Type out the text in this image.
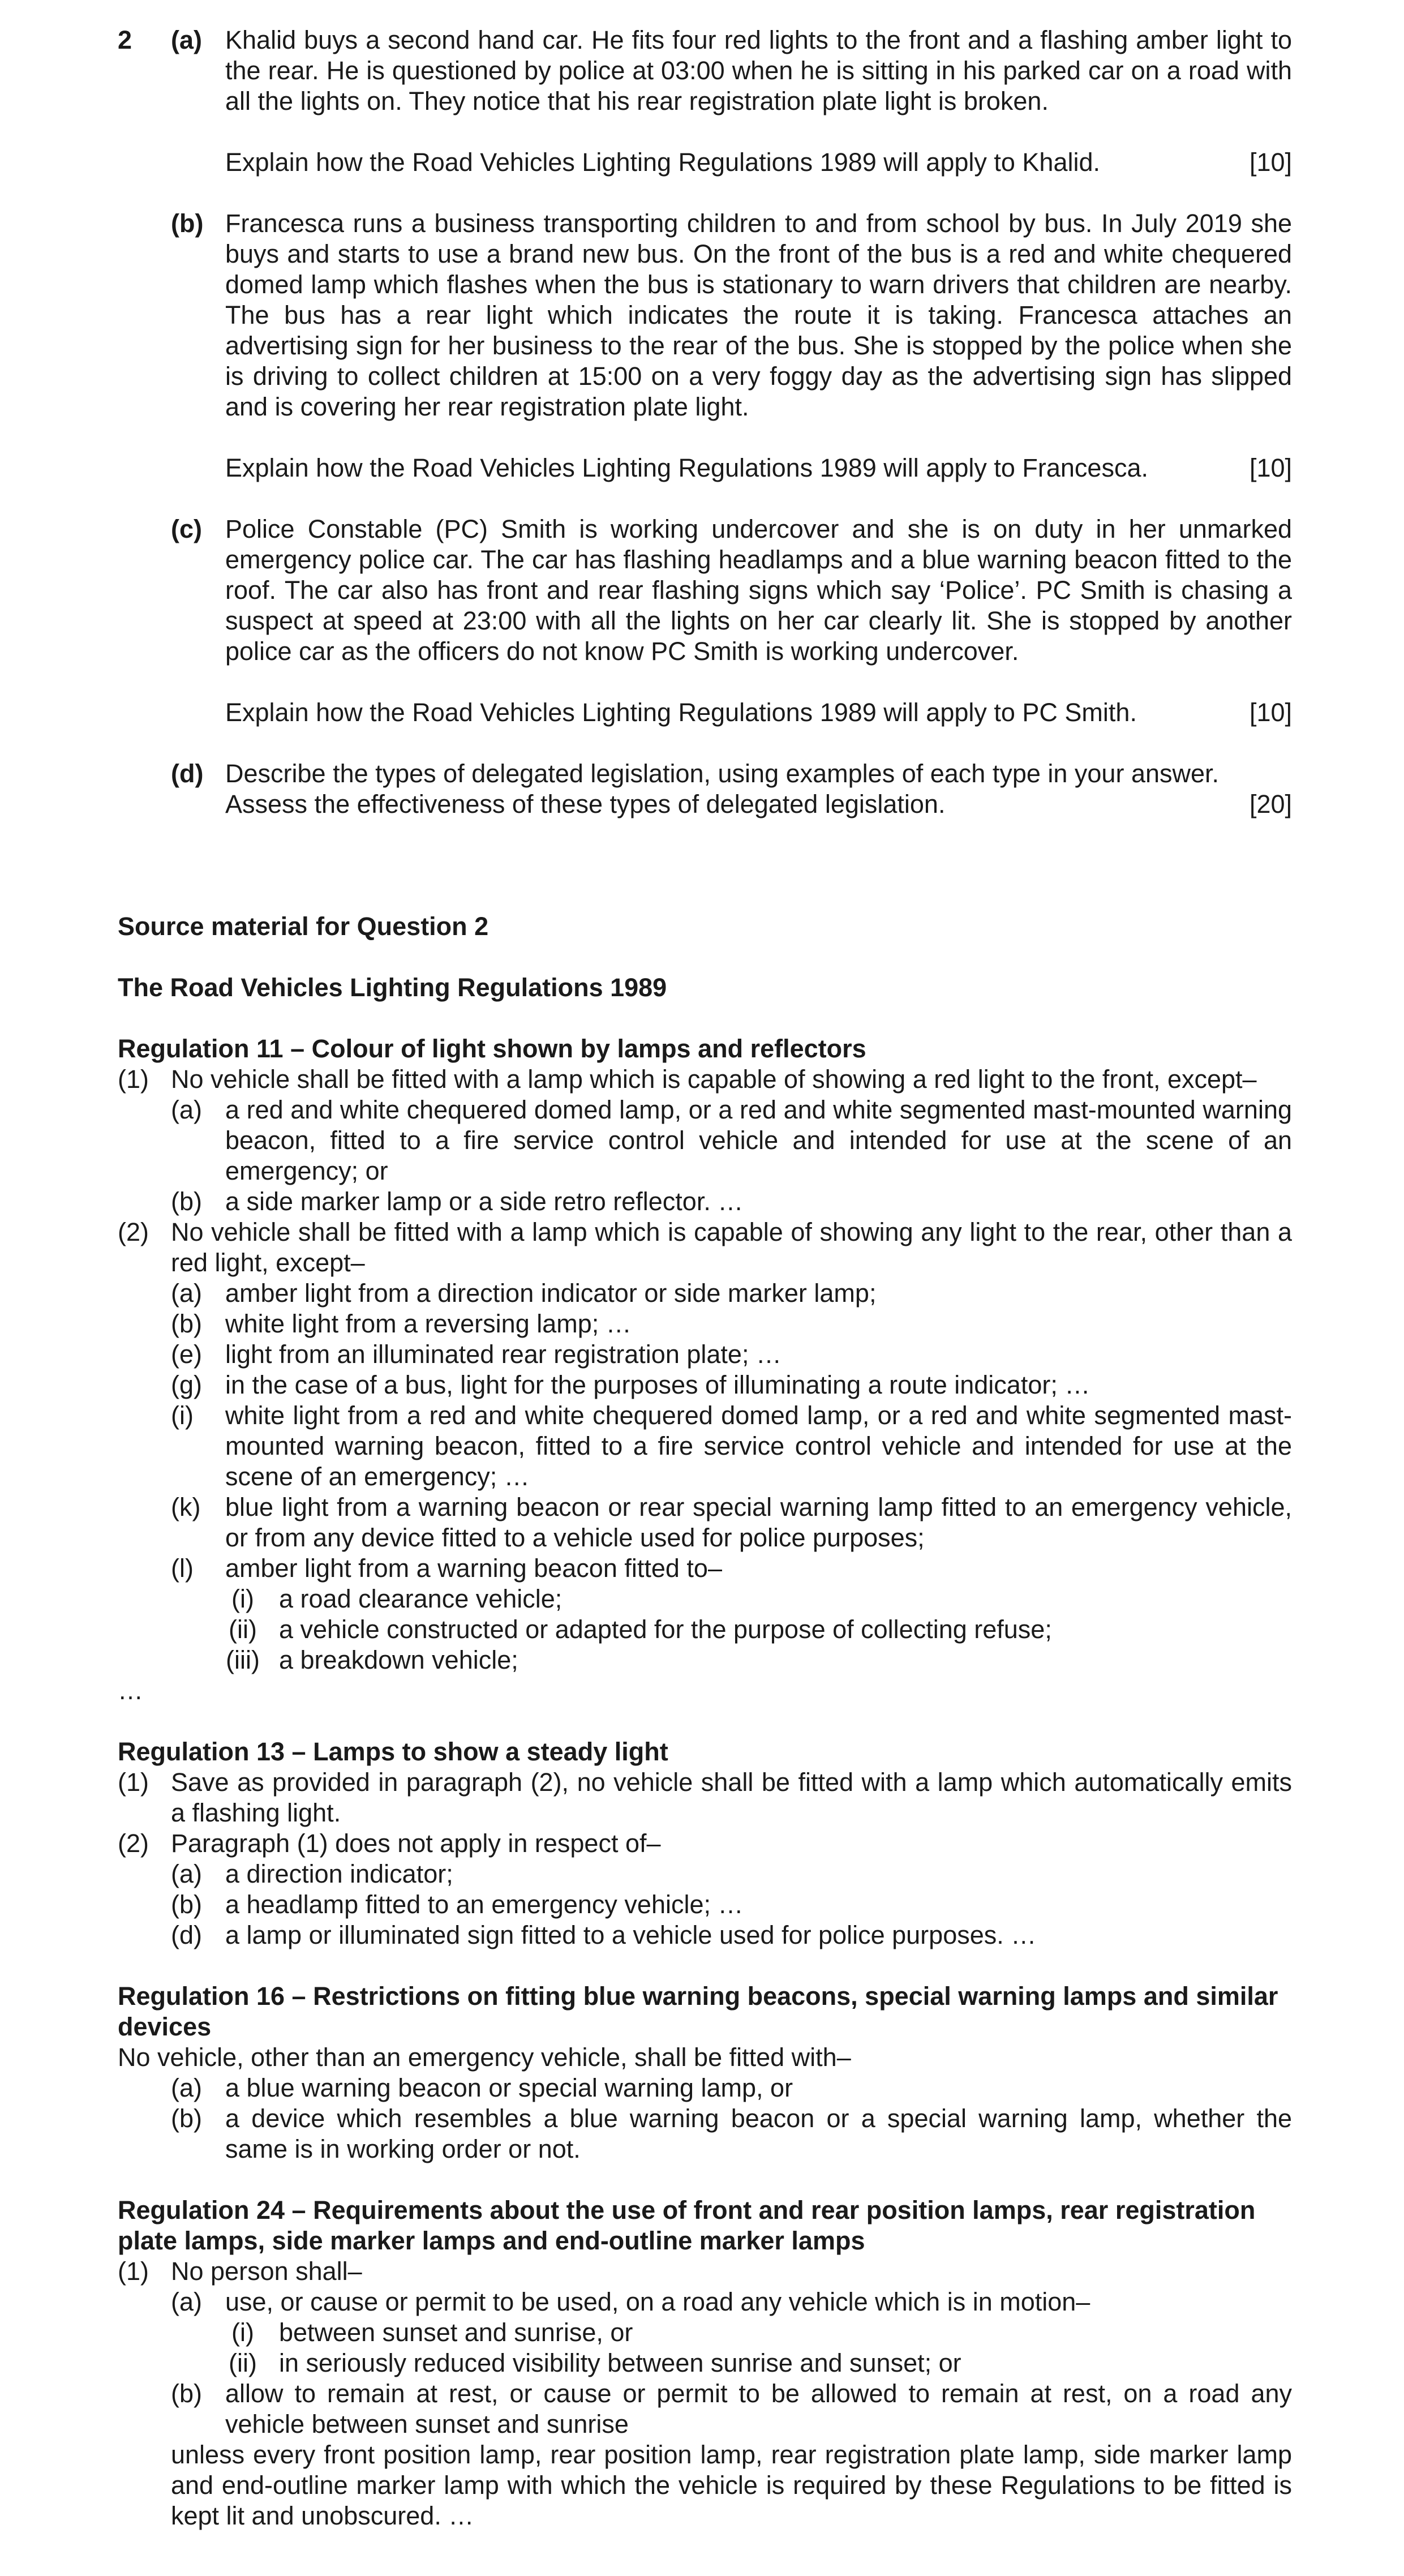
2 (a) Khalid buys a second hand car. He fits four red lights to the front and a flashing amber light to the rear. He is questioned by police at 03:00 when he is sitting in his parked car on a road with all the lights on. They notice that his rear registration plate light is broken.

Explain how the Road Vehicles Lighting Regulations 1989 will apply to Khalid.	[10]
(b) Francesca runs a business transporting children to and from school by bus. In July 2019 she buys and starts to use a brand new bus. On the front of the bus is a red and white chequered domed lamp which flashes when the bus is stationary to warn drivers that children are nearby. The bus has a rear light which indicates the route it is taking. Francesca attaches an advertising sign for her business to the rear of the bus. She is stopped by the police when she is driving to collect children at 15:00 on a very foggy day as the advertising sign has slipped and is covering her rear registration plate light.

Explain how the Road Vehicles Lighting Regulations 1989 will apply to Francesca.	[10]
(c) Police Constable (PC) Smith is working undercover and she is on duty in her unmarked emergency police car. The car has flashing headlamps and a blue warning beacon fitted to the roof. The car also has front and rear flashing signs which say ‘Police’. PC Smith is chasing a suspect at speed at 23:00 with all the lights on her car clearly lit. She is stopped by another police car as the officers do not know PC Smith is working undercover.

Explain how the Road Vehicles Lighting Regulations 1989 will apply to PC Smith.	[10]
(d) Describe the types of delegated legislation, using examples of each type in your answer.

Assess the effectiveness of these types of delegated legislation.	[20]

Source material for Question 2

The Road Vehicles Lighting Regulations 1989

Regulation 11 – Colour of light shown by lamps and reflectors

(1) No vehicle shall be fitted with a lamp which is capable of showing a red light to the front, except–

(a) a red and white chequered domed lamp, or a red and white segmented mast-mounted warning beacon, fitted to a fire service control vehicle and intended for use at the scene of an emergency; or

(b) a side marker lamp or a side retro reflector. …

(2) No vehicle shall be fitted with a lamp which is capable of showing any light to the rear, other than a red light, except–

(a) amber light from a direction indicator or side marker lamp;

(b) white light from a reversing lamp; …

(e) light from an illuminated rear registration plate; …

(g) in the case of a bus, light for the purposes of illuminating a route indicator; …

(i) white light from a red and white chequered domed lamp, or a red and white segmented mast-mounted warning beacon, fitted to a fire service control vehicle and intended for use at the scene of an emergency; …

(k) blue light from a warning beacon or rear special warning lamp fitted to an emergency vehicle, or from any device fitted to a vehicle used for police purposes;

(l) amber light from a warning beacon fitted to–

(i) a road clearance vehicle;

(ii) a vehicle constructed or adapted for the purpose of collecting refuse;

(iii) a breakdown vehicle;

…

Regulation 13 – Lamps to show a steady light

(1) Save as provided in paragraph (2), no vehicle shall be fitted with a lamp which automatically emits a flashing light.

(2) Paragraph (1) does not apply in respect of–

(a) a direction indicator;

(b) a headlamp fitted to an emergency vehicle; …

(d) a lamp or illuminated sign fitted to a vehicle used for police purposes. …

Regulation 16 – Restrictions on fitting blue warning beacons, special warning lamps and similar devices

No vehicle, other than an emergency vehicle, shall be fitted with–

(a) a blue warning beacon or special warning lamp, or

(b) a device which resembles a blue warning beacon or a special warning lamp, whether the same is in working order or not.

Regulation 24 – Requirements about the use of front and rear position lamps, rear registration plate lamps, side marker lamps and end-outline marker lamps

(1) No person shall–

(a) use, or cause or permit to be used, on a road any vehicle which is in motion–

(i) between sunset and sunrise, or

(ii) in seriously reduced visibility between sunrise and sunset; or

(b) allow to remain at rest, or cause or permit to be allowed to remain at rest, on a road any vehicle between sunset and sunrise

unless every front position lamp, rear position lamp, rear registration plate lamp, side marker lamp and end-outline marker lamp with which the vehicle is required by these Regulations to be fitted is kept lit and unobscured. …
